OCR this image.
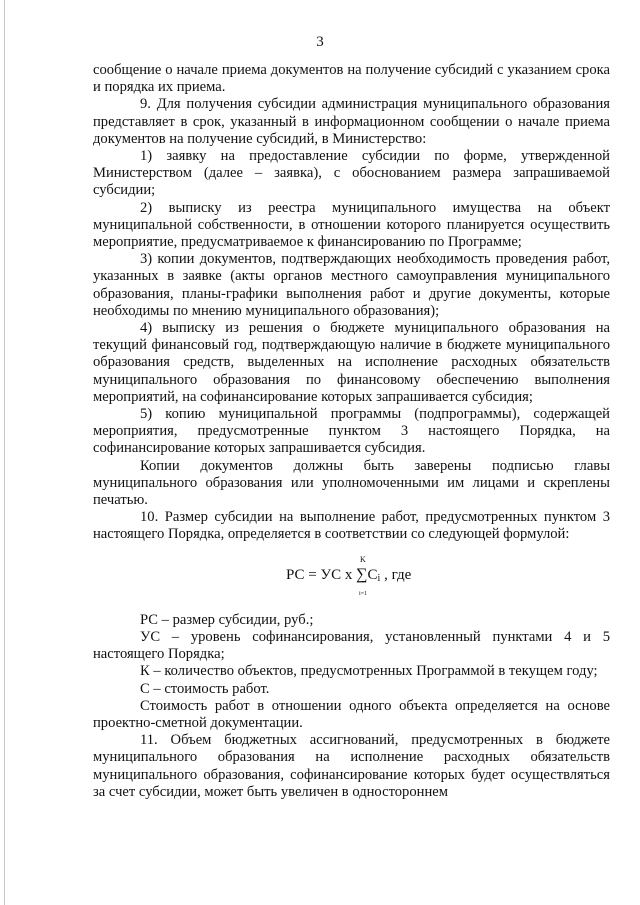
3

сообщение о начале приема документов на получение субсидий с указанием срока и порядка их приема.

9. Для получения субсидии администрация муниципального образования представляет в срок, указанный в информационном сообщении о начале приема документов на получение субсидий, в Министерство:

1) заявку на предоставление субсидии по форме, утвержденной Министерством (далее – заявка), с обоснованием размера запрашиваемой субсидии;

2) выписку из реестра муниципального имущества на объект муниципальной собственности, в отношении которого планируется осуществить мероприятие, предусматриваемое к финансированию по Программе;

3) копии документов, подтверждающих необходимость проведения работ, указанных в заявке (акты органов местного самоуправления муниципального образования, планы-графики выполнения работ и другие документы, которые необходимы по мнению муниципального образования);

4) выписку из решения о бюджете муниципального образования на текущий финансовый год, подтверждающую наличие в бюджете муниципального образования средств, выделенных на исполнение расходных обязательств муниципального образования по финансовому обеспечению выполнения мероприятий, на софинансирование которых запрашивается субсидия;

5) копию муниципальной программы (подпрограммы), содержащей мероприятия, предусмотренные пунктом 3 настоящего Порядка, на софинансирование которых запрашивается субсидия.

Копии документов должны быть заверены подписью главы муниципального образования или уполномоченными им лицами и скреплены печатью.

10. Размер субсидии на выполнение работ, предусмотренных пунктом 3 настоящего Порядка, определяется в соответствии со следующей формулой:

K
РС = УС х $\sum C_i$ , где
i=1

РС – размер субсидии, руб.;

УС – уровень софинансирования, установленный пунктами 4 и 5 настоящего Порядка;

К – количество объектов, предусмотренных Программой в текущем году;

С – стоимость работ.

Стоимость работ в отношении одного объекта определяется на основе проектно-сметной документации.

11. Объем бюджетных ассигнований, предусмотренных в бюджете муниципального образования на исполнение расходных обязательств муниципального образования, софинансирование которых будет осуществляться за счет субсидии, может быть увеличен в одностороннем
